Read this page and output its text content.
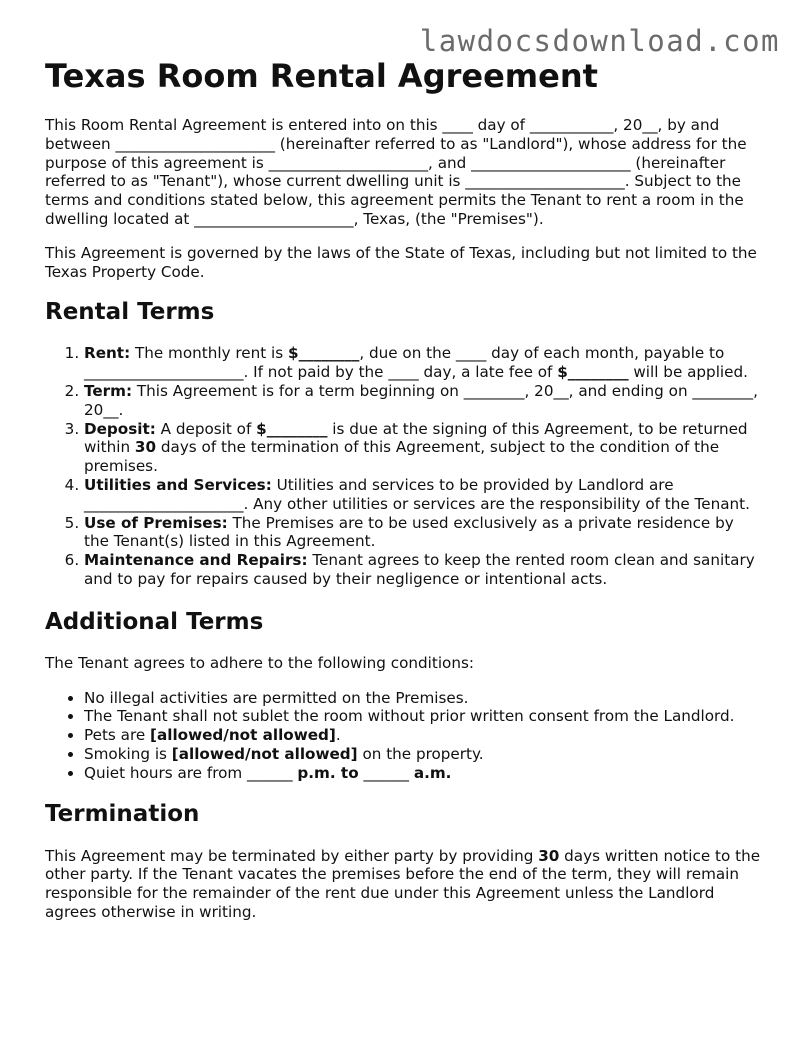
lawdocsdownload.com
Texas Room Rental Agreement

This Room Rental Agreement is entered into on this ____ day of ___________, 20__, by and between _____________________ (hereinafter referred to as "Landlord"), whose address for the purpose of this agreement is _____________________, and _____________________ (hereinafter referred to as "Tenant"), whose current dwelling unit is _____________________. Subject to the terms and conditions stated below, this agreement permits the Tenant to rent a room in the dwelling located at _____________________, Texas, (the "Premises").

This Agreement is governed by the laws of the State of Texas, including but not limited to the Texas Property Code.

Rental Terms
1. Rent: The monthly rent is $________, due on the ____ day of each month, payable to _____________________. If not paid by the ____ day, a late fee of $________ will be applied.
2. Term: This Agreement is for a term beginning on ________, 20__, and ending on ________, 20__.
3. Deposit: A deposit of $________ is due at the signing of this Agreement, to be returned within 30 days of the termination of this Agreement, subject to the condition of the premises.
4. Utilities and Services: Utilities and services to be provided by Landlord are _____________________. Any other utilities or services are the responsibility of the Tenant.
5. Use of Premises: The Premises are to be used exclusively as a private residence by the Tenant(s) listed in this Agreement.
6. Maintenance and Repairs: Tenant agrees to keep the rented room clean and sanitary and to pay for repairs caused by their negligence or intentional acts.
Additional Terms

The Tenant agrees to adhere to the following conditions:

• No illegal activities are permitted on the Premises.
• The Tenant shall not sublet the room without prior written consent from the Landlord.
• Pets are [allowed/not allowed].
• Smoking is [allowed/not allowed] on the property.
• Quiet hours are from ______ p.m. to ______ a.m.
Termination

This Agreement may be terminated by either party by providing 30 days written notice to the other party. If the Tenant vacates the premises before the end of the term, they will remain responsible for the remainder of the rent due under this Agreement unless the Landlord agrees otherwise in writing.
